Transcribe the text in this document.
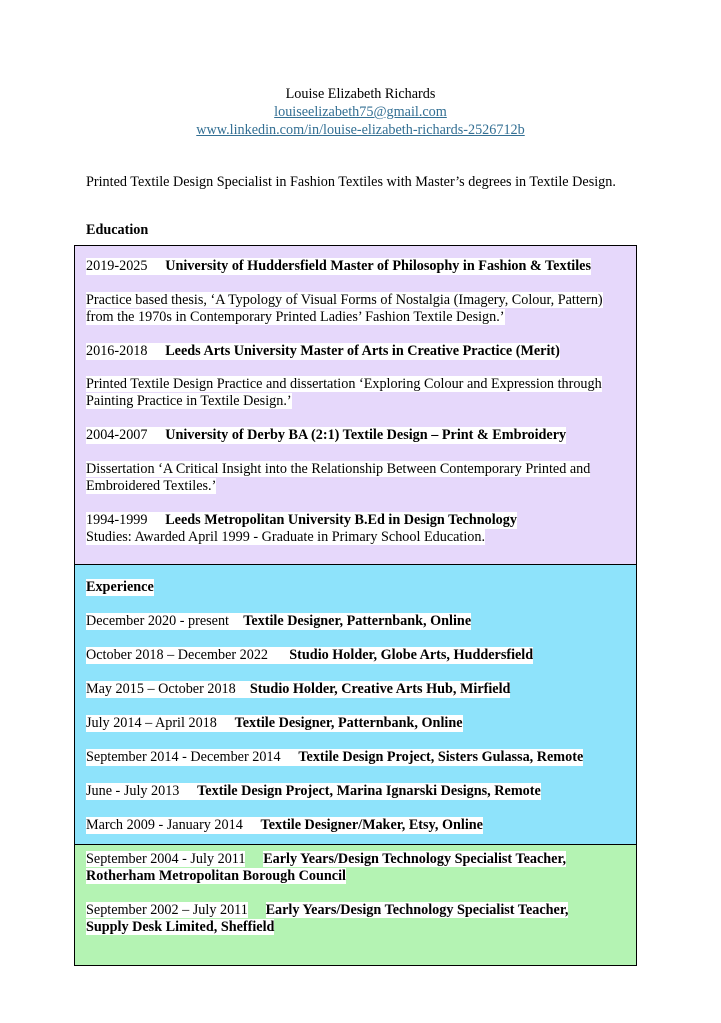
Louise Elizabeth Richards
louiseelizabeth75@gmail.com
www.linkedin.com/in/louise-elizabeth-richards-2526712b
Printed Textile Design Specialist in Fashion Textiles with Master’s degrees in Textile Design.
Education
2019-2025 University of Huddersfield Master of Philosophy in Fashion & Textiles
Practice based thesis, ‘A Typology of Visual Forms of Nostalgia (Imagery, Colour, Pattern)
from the 1970s in Contemporary Printed Ladies’ Fashion Textile Design.’
2016-2018 Leeds Arts University Master of Arts in Creative Practice (Merit)
Printed Textile Design Practice and dissertation ‘Exploring Colour and Expression through
Painting Practice in Textile Design.’
2004-2007 University of Derby BA (2:1) Textile Design – Print & Embroidery
Dissertation ‘A Critical Insight into the Relationship Between Contemporary Printed and
Embroidered Textiles.’
1994-1999 Leeds Metropolitan University B.Ed in Design Technology
Studies: Awarded April 1999 - Graduate in Primary School Education.
Experience
December 2020 - present Textile Designer, Patternbank, Online
October 2018 – December 2022 Studio Holder, Globe Arts, Huddersfield
May 2015 – October 2018 Studio Holder, Creative Arts Hub, Mirfield
July 2014 – April 2018 Textile Designer, Patternbank, Online
September 2014 - December 2014 Textile Design Project, Sisters Gulassa, Remote
June - July 2013 Textile Design Project, Marina Ignarski Designs, Remote
March 2009 - January 2014 Textile Designer/Maker, Etsy, Online
September 2004 - July 2011 Early Years/Design Technology Specialist Teacher,
Rotherham Metropolitan Borough Council
September 2002 – July 2011 Early Years/Design Technology Specialist Teacher,
Supply Desk Limited, Sheffield
